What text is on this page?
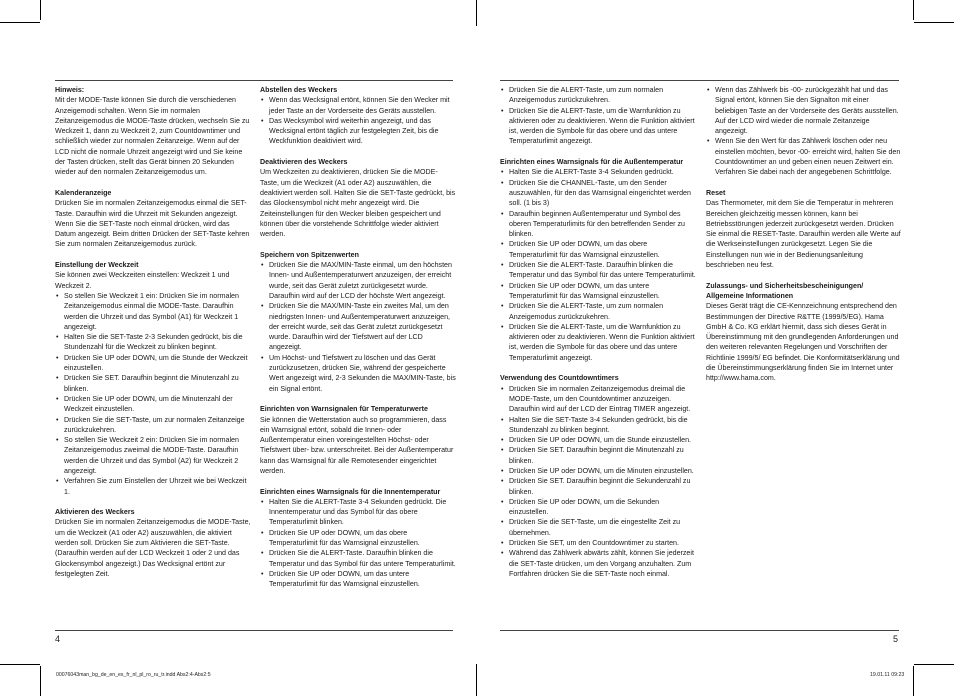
Hinweis:

Mit der MODE-Taste können Sie durch die verschiedenen Anzeigemodi schalten. Wenn Sie im normalen Zeitanzeigemodus die MODE-Taste drücken, wechseln Sie zu Weckzeit 1, dann zu Weckzeit 2, zum Countdowntimer und schließlich wieder zur normalen Zeitanzeige. Wenn auf der LCD nicht die normale Uhrzeit angezeigt wird und Sie keine der Tasten drücken, stellt das Gerät binnen 20 Sekunden wieder auf den normalen Zeitanzeigemodus um.

Kalenderanzeige

Drücken Sie im normalen Zeitanzeigemodus einmal die SET-Taste. Daraufhin wird die Uhrzeit mit Sekunden angezeigt. Wenn Sie die SET-Taste noch einmal drücken, wird das Datum angezeigt. Beim dritten Drücken der SET-Taste kehren Sie zum normalen Zeitanzeigemodus zurück.

Einstellung der Weckzeit

Sie können zwei Weckzeiten einstellen: Weckzeit 1 und Weckzeit 2.

• So stellen Sie Weckzeit 1 ein: Drücken Sie im normalen Zeitanzeigemodus einmal die MODE-Taste. Daraufhin werden die Uhrzeit und das Symbol (A1) für Weckzeit 1 angezeigt.
• Halten Sie die SET-Taste 2-3 Sekunden gedrückt, bis die Stundenzahl für die Weckzeit zu blinken beginnt.
• Drücken Sie UP oder DOWN, um die Stunde der Weckzeit einzustellen.
• Drücken Sie SET. Daraufhin beginnt die Minutenzahl zu blinken.
• Drücken Sie UP oder DOWN, um die Minutenzahl der Weckzeit einzustellen.
• Drücken Sie die SET-Taste, um zur normalen Zeitanzeige zurückzukehren.
• So stellen Sie Weckzeit 2 ein: Drücken Sie im normalen Zeitanzeigemodus zweimal die MODE-Taste. Daraufhin werden die Uhrzeit und das Symbol (A2) für Weckzeit 2 angezeigt.
• Verfahren Sie zum Einstellen der Uhrzeit wie bei Weckzeit 1.

Aktivieren des Weckers

Drücken Sie im normalen Zeitanzeigemodus die MODE-Taste, um die Weckzeit (A1 oder A2) auszuwählen, die aktiviert werden soll. Drücken Sie zum Aktivieren die SET-Taste. (Daraufhin werden auf der LCD Weckzeit 1 oder 2 und das Glockensymbol angezeigt.) Das Wecksignal ertönt zur festgelegten Zeit.

Abstellen des Weckers

• Wenn das Wecksignal ertönt, können Sie den Wecker mit jeder Taste an der Vorderseite des Geräts ausstellen.
• Das Wecksymbol wird weiterhin angezeigt, und das Wecksignal ertönt täglich zur festgelegten Zeit, bis die Weckfunktion deaktiviert wird.

Deaktivieren des Weckers

Um Weckzeiten zu deaktivieren, drücken Sie die MODE-Taste, um die Weckzeit (A1 oder A2) auszuwählen, die deaktiviert werden soll. Halten Sie die SET-Taste gedrückt, bis das Glockensymbol nicht mehr angezeigt wird. Die Zeiteinstellungen für den Wecker bleiben gespeichert und können über die vorstehende Schrittfolge wieder aktiviert werden.

Speichern von Spitzenwerten

• Drücken Sie die MAX/MIN-Taste einmal, um den höchsten Innen- und Außentemperaturwert anzuzeigen, der erreicht wurde, seit das Gerät zuletzt zurückgesetzt wurde. Daraufhin wird auf der LCD der höchste Wert angezeigt.
• Drücken Sie die MAX/MIN-Taste ein zweites Mal, um den niedrigsten Innen- und Außentemperaturwert anzuzeigen, der erreicht wurde, seit das Gerät zuletzt zurückgesetzt wurde. Daraufhin wird der Tiefstwert auf der LCD angezeigt.
• Um Höchst- und Tiefstwert zu löschen und das Gerät zurückzusetzen, drücken Sie, während der gespeicherte Wert angezeigt wird, 2-3 Sekunden die MAX/MIN-Taste, bis ein Signal ertönt.

Einrichten von Warnsignalen für Temperaturwerte

Sie können die Wetterstation auch so programmieren, dass ein Warnsignal ertönt, sobald die Innen- oder Außentemperatur einen voreingestellten Höchst- oder Tiefstwert über- bzw. unterschreitet. Bei der Außentemperatur kann das Warnsignal für alle Remotesender eingerichtet werden.

Einrichten eines Warnsignals für die Innentemperatur

• Halten Sie die ALERT-Taste 3-4 Sekunden gedrückt. Die Innentemperatur und das Symbol für das obere Temperaturlimit blinken.
• Drücken Sie UP oder DOWN, um das obere Temperaturlimit für das Warnsignal einzustellen.
• Drücken Sie die ALERT-Taste. Daraufhin blinken die Temperatur und das Symbol für das untere Temperaturlimit.
• Drücken Sie UP oder DOWN, um das untere Temperaturlimit für das Warnsignal einzustellen.
• Drücken Sie die ALERT-Taste, um zum normalen Anzeigemodus zurückzukehren.
• Drücken Sie die ALERT-Taste, um die Warnfunktion zu aktivieren oder zu deaktivieren. Wenn die Funktion aktiviert ist, werden die Symbole für das obere und das untere Temperaturlimit angezeigt.

Einrichten eines Warnsignals für die Außentemperatur

• Halten Sie die ALERT-Taste 3-4 Sekunden gedrückt.
• Drücken Sie die CHANNEL-Taste, um den Sender auszuwählen, für den das Warnsignal eingerichtet werden soll. (1 bis 3)
• Daraufhin beginnen Außentemperatur und Symbol des oberen Temperaturlimits für den betreffenden Sender zu blinken.
• Drücken Sie UP oder DOWN, um das obere Temperaturlimit für das Warnsignal einzustellen.
• Drücken Sie die ALERT-Taste. Daraufhin blinken die Temperatur und das Symbol für das untere Temperaturlimit.
• Drücken Sie UP oder DOWN, um das untere Temperaturlimit für das Warnsignal einzustellen.
• Drücken Sie die ALERT-Taste, um zum normalen Anzeigemodus zurückzukehren.
• Drücken Sie die ALERT-Taste, um die Warnfunktion zu aktivieren oder zu deaktivieren. Wenn die Funktion aktiviert ist, werden die Symbole für das obere und das untere Temperaturlimit angezeigt.

Verwendung des Countdowntimers

• Drücken Sie im normalen Zeitanzeigemodus dreimal die MODE-Taste, um den Countdowntimer anzuzeigen. Daraufhin wird auf der LCD der Eintrag TIMER angezeigt.
• Halten Sie die SET-Taste 3-4 Sekunden gedrückt, bis die Stundenzahl zu blinken beginnt.
• Drücken Sie UP oder DOWN, um die Stunde einzustellen.
• Drücken Sie SET. Daraufhin beginnt die Minutenzahl zu blinken.
• Drücken Sie UP oder DOWN, um die Minuten einzustellen.
• Drücken Sie SET. Daraufhin beginnt die Sekundenzahl zu blinken.
• Drücken Sie UP oder DOWN, um die Sekunden einzustellen.
• Drücken Sie die SET-Taste, um die eingestellte Zeit zu übernehmen.
• Drücken Sie SET, um den Countdowntimer zu starten.
• Während das Zählwerk abwärts zählt, können Sie jederzeit die SET-Taste drücken, um den Vorgang anzuhalten. Zum Fortfahren drücken Sie die SET-Taste noch einmal.
• Wenn das Zählwerk bis -00- zurückgezählt hat und das Signal ertönt, können Sie den Signalton mit einer beliebigen Taste an der Vorderseite des Geräts ausstellen. Auf der LCD wird wieder die normale Zeitanzeige angezeigt.
• Wenn Sie den Wert für das Zählwerk löschen oder neu einstellen möchten, bevor -00- erreicht wird, halten Sie den Countdowntimer an und geben einen neuen Zeitwert ein. Verfahren Sie dabei nach der angegebenen Schrittfolge.

Reset

Das Thermometer, mit dem Sie die Temperatur in mehreren Bereichen gleichzeitig messen können, kann bei Betriebsstörungen jederzeit zurückgesetzt werden. Drücken Sie einmal die RESET-Taste. Daraufhin werden alle Werte auf die Werkseinstellungen zurückgesetzt. Legen Sie die Einstellungen nun wie in der Bedienungsanleitung beschrieben neu fest.

Zulassungs- und Sicherheitsbescheinigungen/ Allgemeine Informationen

Dieses Gerät trägt die CE-Kennzeichnung entsprechend den Bestimmungen der Directive R&TTE (1999/5/EG). Hama GmbH & Co. KG erklärt hiermit, dass sich dieses Gerät in Übereinstimmung mit den grundlegenden Anforderungen und den weiteren relevanten Regelungen und Vorschriften der Richtlinie 1999/5/ EG befindet. Die Konformitätserklärung und die Übereinstimmungserklärung finden Sie im Internet unter http://www.hama.com.

4	5
00076043man_bg_de_en_es_fr_nl_pl_ro_ru_tr.indd Abs2:4-Abs2:5	19.01.11 09:23
